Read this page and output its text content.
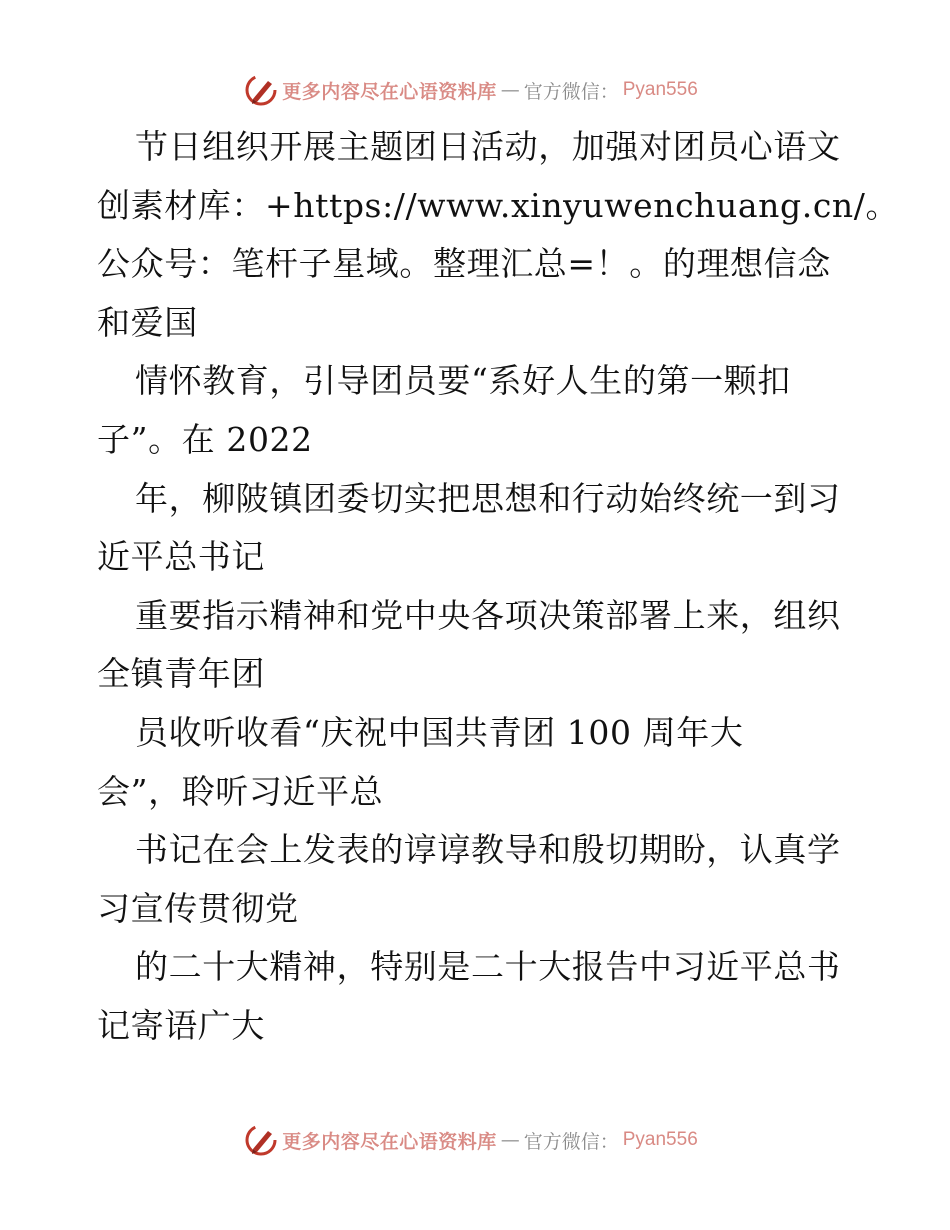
更多内容尽在心语资料库 — 官方微信： Pyan556
节日组织开展主题团日活动，加强对团员心语文
创素材库：+https://www.xinyuwenchuang.cn/。
公众号：笔杆子星域。整理汇总=！。的理想信念
和爱国
情怀教育，引导团员要“系好人生的第一颗扣
子”。在 2022
年，柳陂镇团委切实把思想和行动始终统一到习
近平总书记
重要指示精神和党中央各项决策部署上来，组织
全镇青年团
员收听收看“庆祝中国共青团 100 周年大
会”，聆听习近平总
书记在会上发表的谆谆教导和殷切期盼，认真学
习宣传贯彻党
的二十大精神，特别是二十大报告中习近平总书
记寄语广大
更多内容尽在心语资料库 — 官方微信： Pyan556
